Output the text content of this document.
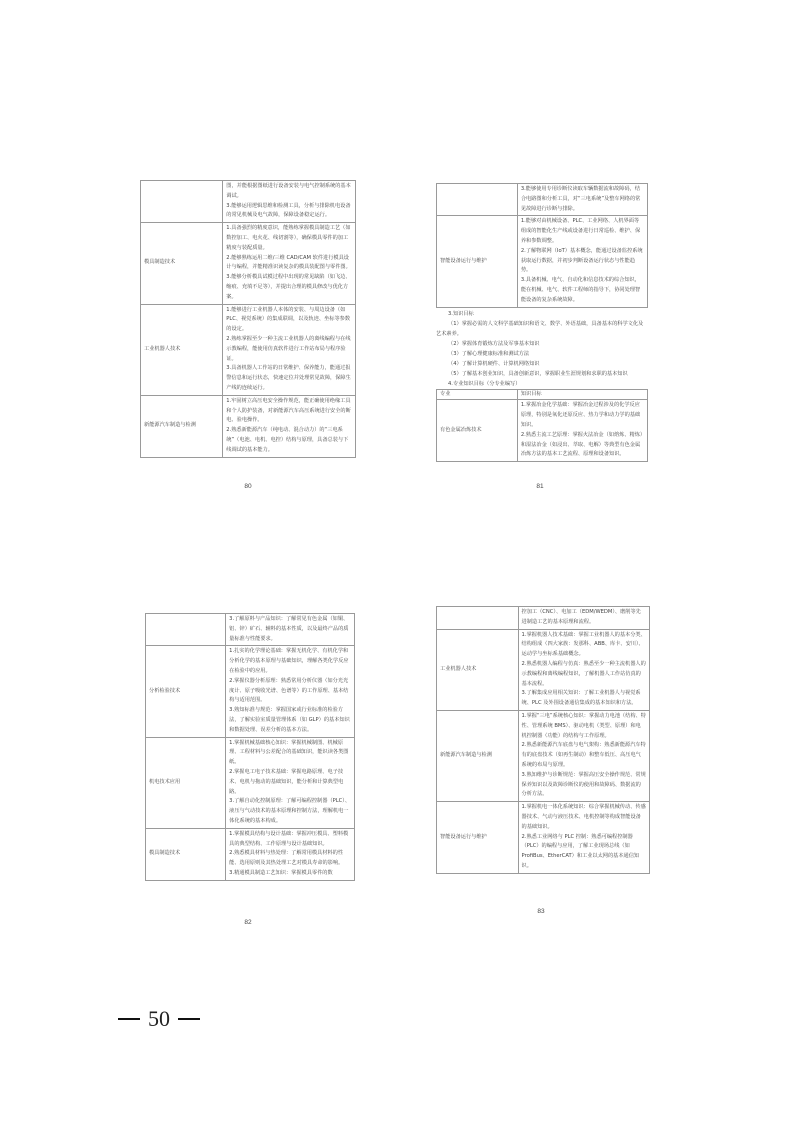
	图，并能根据图纸进行设备安装与电气控制系统的基本调试。

3.能够运用逻辑思维和检测工具，分析与排除机电设备的常见机械及电气故障，保障设备稳定运行。

模具制造技术	1.具备强烈的精度意识，能熟练掌握模具制造工艺（如数控加工、电火花、线切割等），确保模具零件的加工精度与装配质量。

2.能够熟练运用二维/三维 CAD/CAM 软件进行模具设计与编程，并能精准识读复杂的模具装配图与零件图。

3.能够分析模具试模过程中出现的常见缺陷（如飞边、缩痕、充填不足等），并提出合理的模具修改与优化方案。

工业机器人技术	1.能够进行工业机器人本体的安装、与周边设备（如 PLC、视觉系统）的集成联调，以及轨迹、坐标等参数的设定。

2.熟练掌握至少一种主流工业机器人的离线编程与在线示教编程，能使用仿真软件进行工作站布局与程序验证。

3.具备机器人工作站的日常维护、保养能力，能通过报警信息和运行状态，快速定位并处理常见故障，保障生产线的连续运行。

新能源汽车制造与检测	1.牢固树立高压电安全操作规范，能正确使用绝缘工具和个人防护装备，对新能源汽车高压系统进行安全的断电、验电操作。

2.熟悉新能源汽车（纯电动、混合动力）的“三电系统”（电池、电机、电控）结构与原理，具备总装与下线调试的基本能力。

80

	3.能够使用专用诊断仪读取车辆数据流和故障码，结合电路图和分析工具，对“三电系统”及整车网络的常见故障进行诊断与排除。

智能设备运行与维护	1.能够对由机械设备、PLC、工业网络、人机界面等组成的智能化生产线或设备进行日常巡检、维护、保养和参数调整。

2.了解物联网（IoT）基本概念，能通过设备监控系统获取运行数据，并初步判断设备运行状态与性能趋势。

3.具备机械、电气、自动化和信息技术的综合知识，能在机械、电气、软件工程师的指导下，协同处理智能设备的复杂系统故障。

3.知识目标

（1）掌握必需的人文科学基础知识和语文、数学、外语基础，具备基本的科学文化及艺术素养。

（2）掌握体育锻炼方法及军事基本知识

（3）了解心理健康标准和测试方法

（4）了解计算机硬件、计算机网络知识

（5）了解基本创业知识，具备创新意识，掌握职业生涯规划和求职的基本知识

4.专业知识目标（分专业编写）

专业	知识目标
有色金属冶炼技术	1.掌握冶金化学基础：掌握冶金过程涉及的化学反应原理，特别是氧化还原反应、热力学和动力学的基础知识。

2.熟悉主流工艺原理：掌握火法冶金（如熔炼、精炼）和湿法冶金（如浸出、萃取、电解）等典型有色金属冶炼方法的基本工艺流程、原理和设备知识。

81

	3.了解原料与产品知识：了解常见有色金属（如铜、铝、锌）矿石、辅料的基本性质，以及最终产品的质量标准与性能要求。

分析检验技术	1.扎实的化学理论基础：掌握无机化学、有机化学和分析化学的基本原理与基础知识，理解各类化学反应在检验中的应用。

2.掌握仪器分析原理：熟悉常用分析仪器（如分光光度计、原子吸收光谱、色谱等）的工作原理、基本结构与适用范围。

3.熟知标准与规范：掌握国家或行业标准的检验方法，了解实验室质量管理体系（如 GLP）的基本知识和数据处理、误差分析的基本方法。

机电技术应用	1.掌握机械基础核心知识：掌握机械制图、机械原理、工程材料与公差配合的基础知识，能识读各类图纸。

2.掌握电工电子技术基础：掌握电路原理、电子技术、电机与拖动的基础知识，能分析和计算典型电路。

3.了解自动化控制原理：了解可编程控制器（PLC）、液压与气动技术的基本原理和控制方法，理解机电一体化系统的基本构成。

模具制造技术	1.掌握模具结构与设计基础：掌握冲压模具、塑料模具的典型结构、工作原理与设计基础知识。

2.熟悉模具材料与热处理：了解常用模具材料的性能、选用原则及其热处理工艺对模具寿命的影响。

3.精通模具制造工艺知识：掌握模具零件的数

82

	控加工（CNC）、电加工（EDM/WEDM）、磨削等先进制造工艺的基本原理和流程。

工业机器人技术	1.掌握机器人技术基础：掌握工业机器人的基本分类、结构组成（四大家族：发那科、ABB、库卡、安川）、运动学与坐标系基础概念。

2.熟悉机器人编程与仿真：熟悉至少一种主流机器人的示教编程和离线编程知识，了解机器人工作站仿真的基本流程。

3.了解集成应用相关知识：了解工业机器人与视觉系统、PLC 及外围设备通信集成的基本知识和方法。

新能源汽车制造与检测	1.掌握“三电”系统核心知识：掌握动力电池（结构、特性、管理系统 BMS）、驱动电机（类型、原理）和电机控制器（功能）的结构与工作原理。

2.熟悉新能源汽车底盘与电气架构：熟悉新能源汽车特有的底盘技术（如再生制动）和整车低压、高压电气系统的布局与原理。

3.熟知维护与诊断规范：掌握高压安全操作规范、常规保养知识以及故障诊断仪的使用和故障码、数据流的分析方法。

智能设备运行与维护	1.掌握机电一体化系统知识：综合掌握机械传动、传感器技术、气动与液压技术、电机控制等构成智能设备的基础知识。

2.熟悉工业网络与 PLC 控制：熟悉可编程控制器（PLC）的编程与应用，了解工业现场总线（如 ProfiBus、EtherCAT）和工业以太网的基本通信知识。

83
50
